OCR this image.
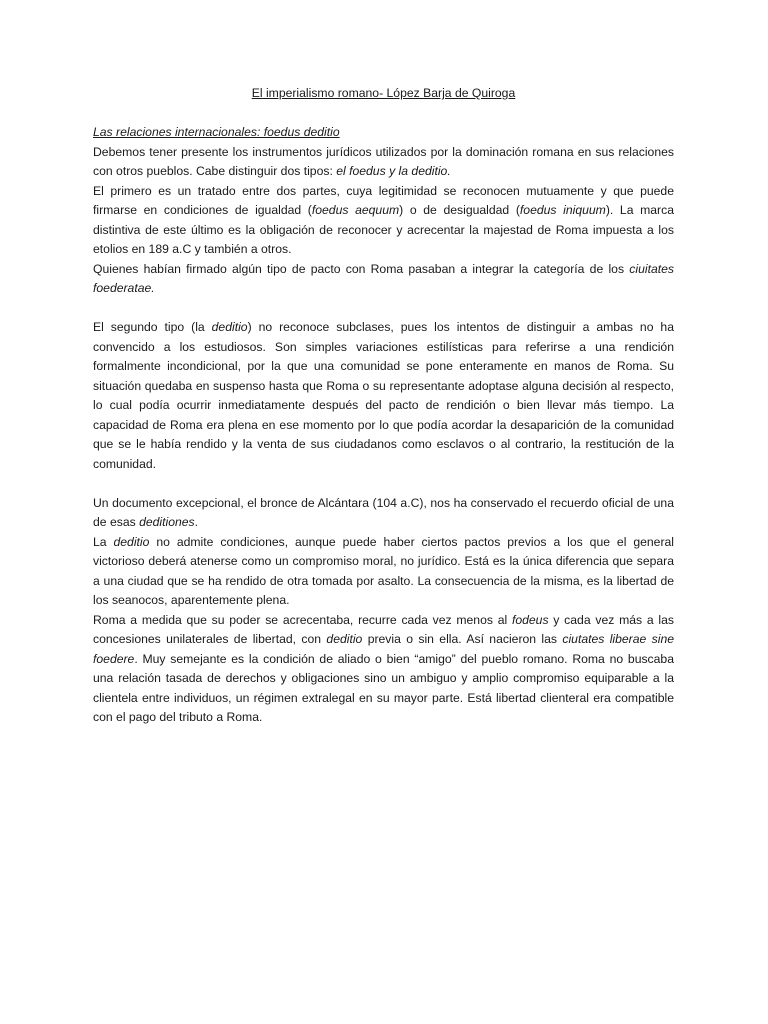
El imperialismo romano- López Barja de Quiroga
Las relaciones internacionales: foedus deditio

Debemos tener presente los instrumentos jurídicos utilizados por la dominación romana en sus relaciones con otros pueblos. Cabe distinguir dos tipos: el foedus y la deditio.

El primero es un tratado entre dos partes, cuya legitimidad se reconocen mutuamente y que puede firmarse en condiciones de igualdad (foedus aequum) o de desigualdad (foedus iniquum). La marca distintiva de este último es la obligación de reconocer y acrecentar la majestad de Roma impuesta a los etolios en 189 a.C y también a otros.

Quienes habían firmado algún tipo de pacto con Roma pasaban a integrar la categoría de los ciuitates foederatae.

El segundo tipo (la deditio) no reconoce subclases, pues los intentos de distinguir a ambas no ha convencido a los estudiosos. Son simples variaciones estilísticas para referirse a una rendición formalmente incondicional, por la que una comunidad se pone enteramente en manos de Roma. Su situación quedaba en suspenso hasta que Roma o su representante adoptase alguna decisión al respecto, lo cual podía ocurrir inmediatamente después del pacto de rendición o bien llevar más tiempo. La capacidad de Roma era plena en ese momento por lo que podía acordar la desaparición de la comunidad que se le había rendido y la venta de sus ciudadanos como esclavos o al contrario, la restitución de la comunidad.

Un documento excepcional, el bronce de Alcántara (104 a.C), nos ha conservado el recuerdo oficial de una de esas deditiones.

La deditio no admite condiciones, aunque puede haber ciertos pactos previos a los que el general victorioso deberá atenerse como un compromiso moral, no jurídico. Está es la única diferencia que separa a una ciudad que se ha rendido de otra tomada por asalto. La consecuencia de la misma, es la libertad de los seanocos, aparentemente plena.

Roma a medida que su poder se acrecentaba, recurre cada vez menos al fodeus y cada vez más a las concesiones unilaterales de libertad, con deditio previa o sin ella. Así nacieron las ciutates liberae sine foedere. Muy semejante es la condición de aliado o bien “amigo” del pueblo romano. Roma no buscaba una relación tasada de derechos y obligaciones sino un ambiguo y amplio compromiso equiparable a la clientela entre individuos, un régimen extralegal en su mayor parte. Está libertad clienteral era compatible con el pago del tributo a Roma.
